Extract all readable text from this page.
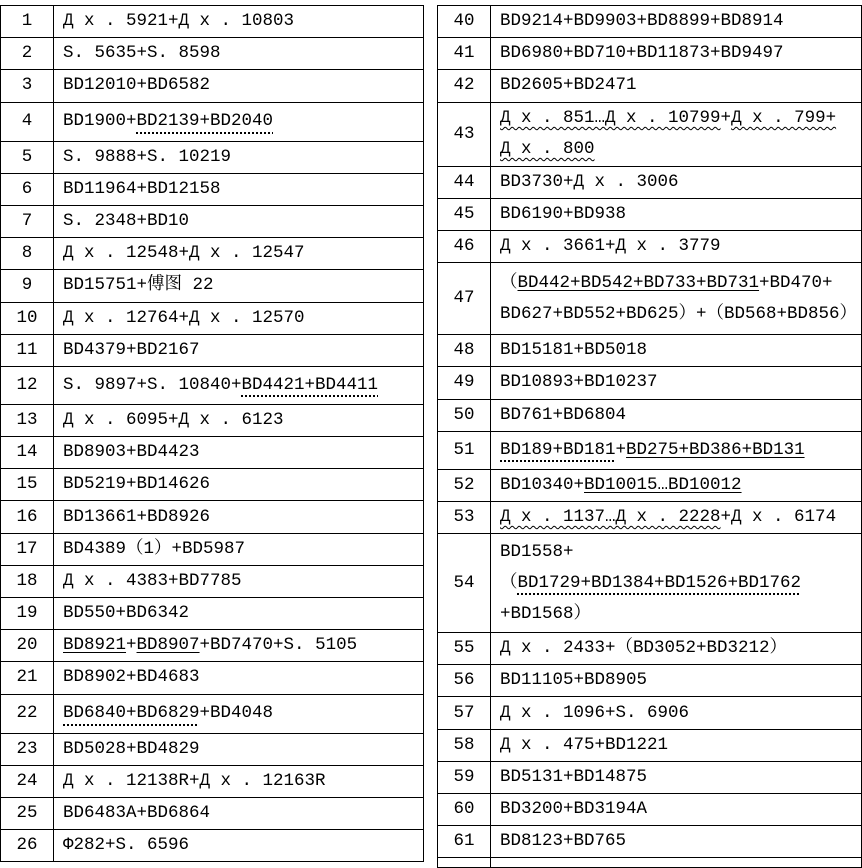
1	Д х . 5921+Д х . 10803
2	S. 5635+S. 8598
3	BD12010+BD6582
4	BD1900+BD2139+BD2040
5	S. 9888+S. 10219
6	BD11964+BD12158
7	S. 2348+BD10
8	Д х . 12548+Д х . 12547
9	BD15751+傅图 22
10	Д х . 12764+Д х . 12570
11	BD4379+BD2167
12	S. 9897+S. 10840+BD4421+BD4411
13	Д х . 6095+Д х . 6123
14	BD8903+BD4423
15	BD5219+BD14626
16	BD13661+BD8926
17	BD4389（1）+BD5987
18	Д х . 4383+BD7785
19	BD550+BD6342
20	BD8921+BD8907+BD7470+S. 5105
21	BD8902+BD4683
22	BD6840+BD6829+BD4048
23	BD5028+BD4829
24	Д х . 12138R+Д х . 12163R
25	BD6483A+BD6864
26	Ф282+S. 6596
40	BD9214+BD9903+BD8899+BD8914
41	BD6980+BD710+BD11873+BD9497
42	BD2605+BD2471
43	Д х . 851…Д х . 10799+Д х . 799+
Д х . 800
44	BD3730+Д х . 3006
45	BD6190+BD938
46	Д х . 3661+Д х . 3779
47	（BD442+BD542+BD733+BD731+BD470+
BD627+BD552+BD625）+（BD568+BD856）
48	BD15181+BD5018
49	BD10893+BD10237
50	BD761+BD6804
51	BD189+BD181+BD275+BD386+BD131
52	BD10340+BD10015…BD10012
53	Д х . 1137…Д х . 2228+Д х . 6174
54	BD1558+
（BD1729+BD1384+BD1526+BD1762
+BD1568）
55	Д х . 2433+（BD3052+BD3212）
56	BD11105+BD8905
57	Д х . 1096+S. 6906
58	Д х . 475+BD1221
59	BD5131+BD14875
60	BD3200+BD3194A
61	BD8123+BD765
